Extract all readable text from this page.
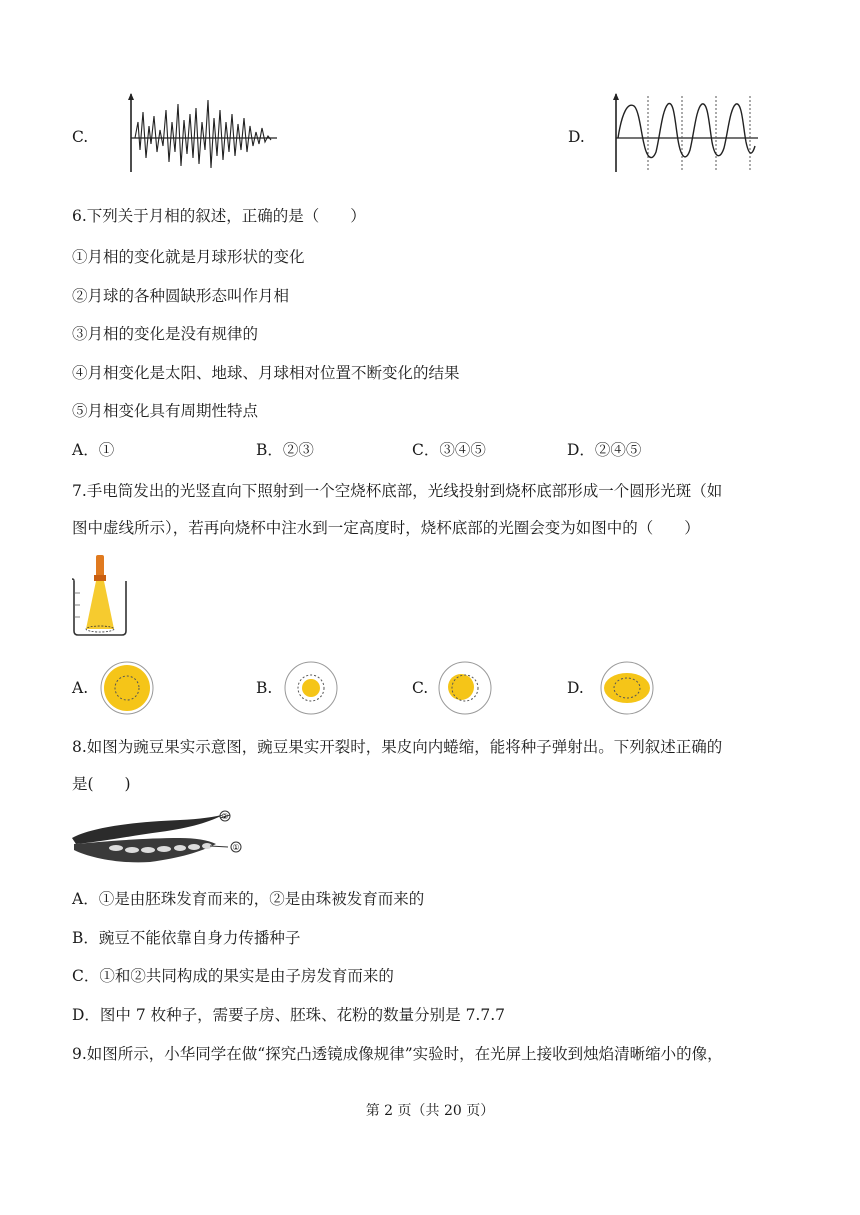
C.	D.
6.下列关于月相的叙述，正确的是（　　）
①月相的变化就是月球形状的变化
②月球的各种圆缺形态叫作月相
③月相的变化是没有规律的
④月相变化是太阳、地球、月球相对位置不断变化的结果
⑤月相变化具有周期性特点
A．①	B．②③	C．③④⑤	D．②④⑤
7.手电筒发出的光竖直向下照射到一个空烧杯底部，光线投射到烧杯底部形成一个圆形光斑（如
图中虚线所示），若再向烧杯中注水到一定高度时，烧杯底部的光圈会变为如图中的（　　）
A.	B.	C.	D.
8.如图为豌豆果实示意图，豌豆果实开裂时，果皮向内蜷缩，能将种子弹射出。下列叙述正确的
是(　　)
②
①
A．①是由胚珠发育而来的，②是由珠被发育而来的
B．豌豆不能依靠自身力传播种子
C．①和②共同构成的果实是由子房发育而来的
D．图中 7 枚种子，需要子房、胚珠、花粉的数量分别是 7.7.7
9.如图所示，小华同学在做“探究凸透镜成像规律”实验时，在光屏上接收到烛焰清晰缩小的像，
第 2 页（共 20 页）
